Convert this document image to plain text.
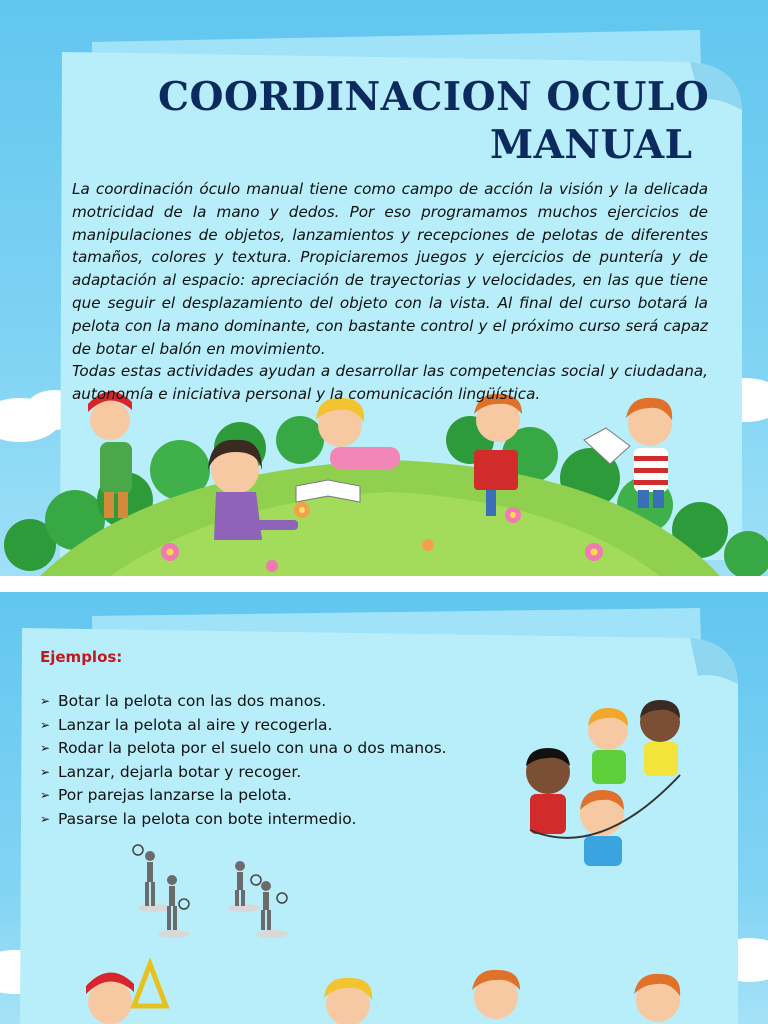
COORDINACION OCULO
MANUAL

La coordinación óculo manual tiene como campo de acción la visión y la delicada motricidad de la mano y dedos. Por eso programamos muchos ejercicios de manipulaciones de objetos, lanzamientos y recepciones de pelotas de diferentes tamaños, colores y textura. Propiciaremos juegos y ejercicios de puntería y de adaptación al espacio: apreciación de trayectorias y velocidades, en las que tiene que seguir el desplazamiento del objeto con la vista. Al final del curso botará la pelota con la mano dominante, con bastante control y el próximo curso será capaz de botar el balón en movimiento.

Todas estas actividades ayudan a desarrollar las competencias social y ciudadana, autonomía e iniciativa personal y la comunicación lingüística.

Ejemplos:
➢ Botar la pelota con las dos manos.
➢ Lanzar la pelota al aire y recogerla.
➢ Rodar la pelota por el suelo con una o dos manos.
➢ Lanzar, dejarla botar y recoger.
➢ Por parejas lanzarse la pelota.
➢ Pasarse la pelota con bote intermedio.
